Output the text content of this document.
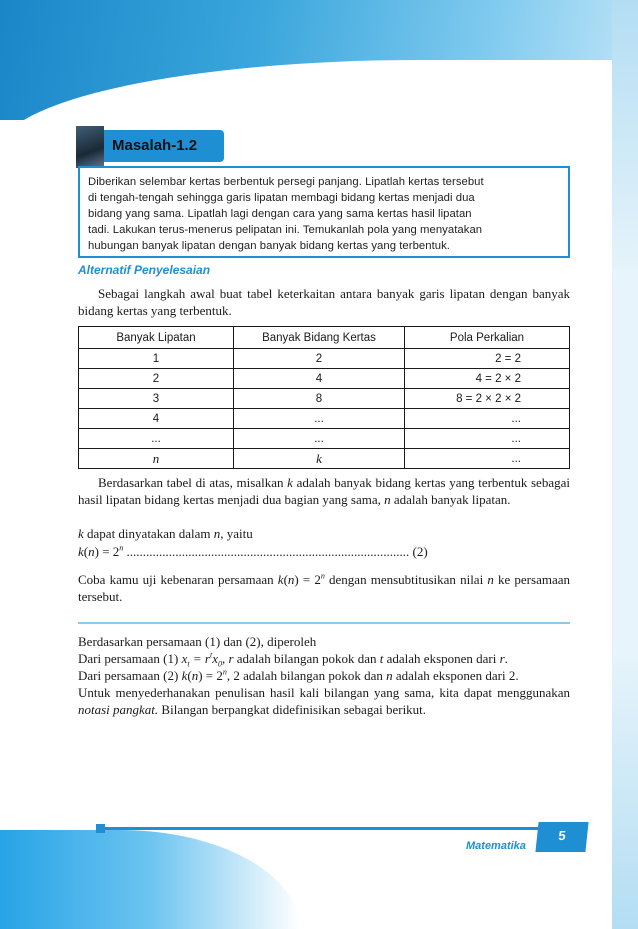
Masalah-1.2
Diberikan selembar kertas berbentuk persegi panjang. Lipatlah kertas tersebut
di tengah-tengah sehingga garis lipatan membagi bidang kertas menjadi dua
bidang yang sama. Lipatlah lagi dengan cara yang sama kertas hasil lipatan
tadi. Lakukan terus-menerus pelipatan ini. Temukanlah pola yang menyatakan
hubungan banyak lipatan dengan banyak bidang kertas yang terbentuk.
Alternatif Penyelesaian
Sebagai langkah awal buat tabel keterkaitan antara banyak garis lipatan dengan banyak bidang kertas yang terbentuk.
Banyak Lipatan	Banyak Bidang Kertas	Pola Perkalian
1	2	2 = 2
2	4	4 = 2 × 2
3	8	8 = 2 × 2 × 2
4	...	...
...	...	...
n	k	...
Berdasarkan tabel di atas, misalkan k adalah banyak bidang kertas yang terbentuk sebagai hasil lipatan bidang kertas menjadi dua bagian yang sama, n adalah banyak lipatan.
k dapat dinyatakan dalam n, yaitu
$k(n) = 2^n$ ....................................................................................... (2)
Coba kamu uji kebenaran persamaan $k(n) = 2^n$ dengan mensubtitusikan nilai n ke persamaan tersebut.
Berdasarkan persamaan (1) dan (2), diperoleh
Dari persamaan (1) $x_t = r^tx_0$, r adalah bilangan pokok dan t adalah eksponen dari r.
Dari persamaan (2) $k(n) = 2^n$, 2 adalah bilangan pokok dan n adalah eksponen dari 2.
Untuk menyederhanakan penulisan hasil kali bilangan yang sama, kita dapat menggunakan notasi pangkat. Bilangan berpangkat didefinisikan sebagai berikut.
Matematika
5
